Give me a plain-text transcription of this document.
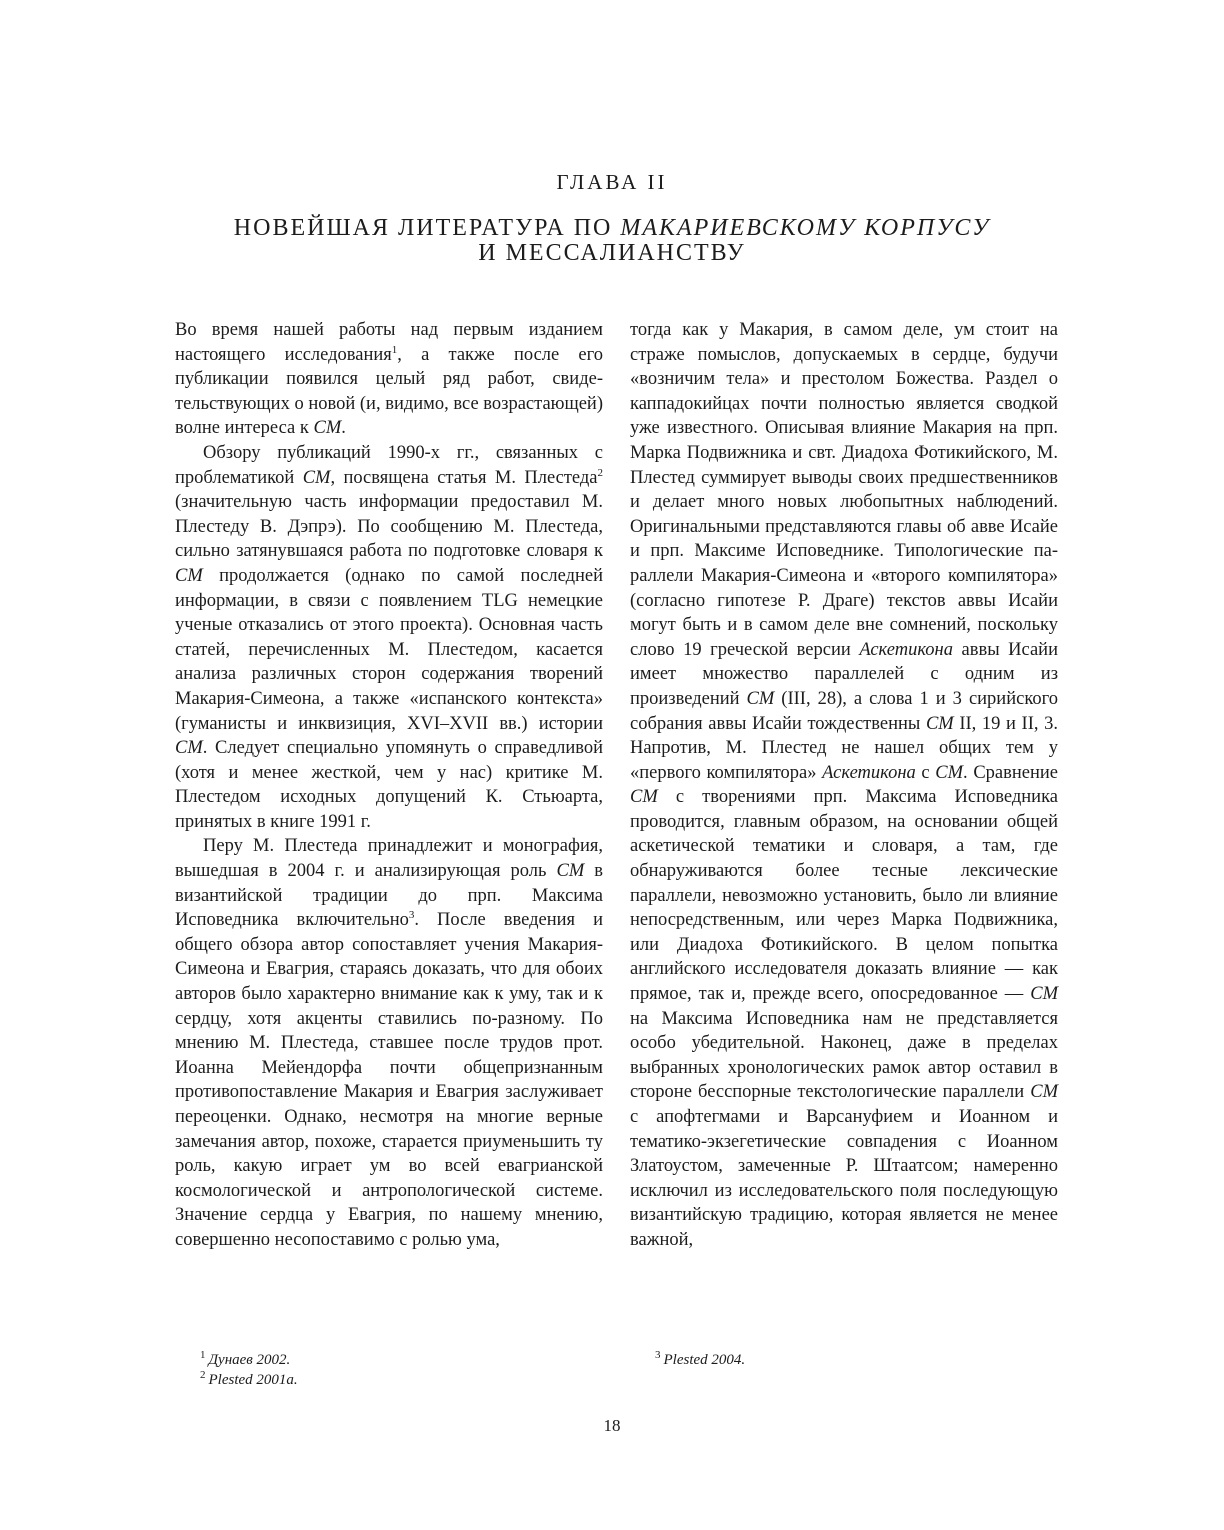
ГЛАВА II
НОВЕЙШАЯ ЛИТЕРАТУРА ПО МАКАРИЕВСКОМУ КОРПУСУ
И МЕССАЛИАНСТВУ

Во время нашей работы над первым изданием настоящего исследования$^1$, а также после его публикации появился целый ряд работ, свидетельствующих о новой (и, видимо, все возрастающей) волне интереса к СМ.

Обзору публикаций 1990-х гг., связанных с проблематикой СМ, посвящена статья М. Плестеда$^2$ (значительную часть информации предоставил М. Плестеду В. Дэпрэ). По сообщению М. Плестеда, сильно затянувшаяся работа по подготовке словаря к СМ продолжается (однако по самой последней информации, в связи с появлением TLG немецкие ученые отказались от этого проекта). Основная часть статей, перечисленных М. Плестедом, касается анализа различных сторон содержания творений Макария-Симеона, а также «испанского контекста» (гуманисты и инквизиция, XVI–XVII вв.) истории СМ. Следует специально упомянуть о справедливой (хотя и менее жесткой, чем у нас) критике М. Плестедом исходных допущений К. Стьюарта, принятых в книге 1991 г.

Перу М. Плестеда принадлежит и монография, вышедшая в 2004 г. и анализирующая роль СМ в византийской традиции до прп. Максима Исповедника включительно$^3$. После введения и общего обзора автор сопоставляет учения Макария-Симеона и Евагрия, стараясь доказать, что для обоих авторов было характерно внимание как к уму, так и к сердцу, хотя акценты ставились по-разному. По мнению М. Плестеда, ставшее после трудов прот. Иоанна Мейендорфа почти общепризнанным противопоставление Макария и Евагрия заслуживает переоценки. Однако, несмотря на многие верные замечания автор, похоже, старается приуменьшить ту роль, какую играет ум во всей евагрианской космологической и антропологической системе. Значение сердца у Евагрия, по нашему мнению, совершенно несопоставимо с ролью ума,

тогда как у Макария, в самом деле, ум стоит на страже помыслов, допускаемых в сердце, будучи «возничим тела» и престолом Божества. Раздел о каппадокийцах почти полностью является сводкой уже известного. Описывая влияние Макария на прп. Марка Подвижника и свт. Диадоха Фотикийского, М. Плестед суммирует выводы своих предшественников и делает много новых любопытных наблюдений. Оригинальными представляются главы об авве Исайе и прп. Максиме Исповеднике. Типологические параллели Макария-Симеона и «второго компилятора» (согласно гипотезе Р. Драге) текстов аввы Исайи могут быть и в самом деле вне сомнений, поскольку слово 19 греческой версии Аскетикона аввы Исайи имеет множество параллелей с одним из произведений СМ (III, 28), а слова 1 и 3 сирийского собрания аввы Исайи тождественны СМ II, 19 и II, 3. Напротив, М. Плестед не нашел общих тем у «первого компилятора» Аскетикона с СМ. Сравнение СМ с творениями прп. Максима Исповедника проводится, главным образом, на основании общей аскетической тематики и словаря, а там, где обнаруживаются более тесные лексические параллели, невозможно установить, было ли влияние непосредственным, или через Марка Подвижника, или Диадоха Фотикийского. В целом попытка английского исследователя доказать влияние — как прямое, так и, прежде всего, опосредованное — СМ на Максима Исповедника нам не представляется особо убедительной. Наконец, даже в пределах выбранных хронологических рамок автор оставил в стороне бесспорные текстологические параллели СМ с апофтегмами и Варсануфием и Иоанном и тематико-экзегетические совпадения с Иоанном Златоустом, замеченные Р. Штаатсом; намеренно исключил из исследовательского поля последующую византийскую традицию, которая является не менее важной,

$^1$ Дунаев 2002.

$^2$ Plested 2001a.

$^3$ Plested 2004.

18
